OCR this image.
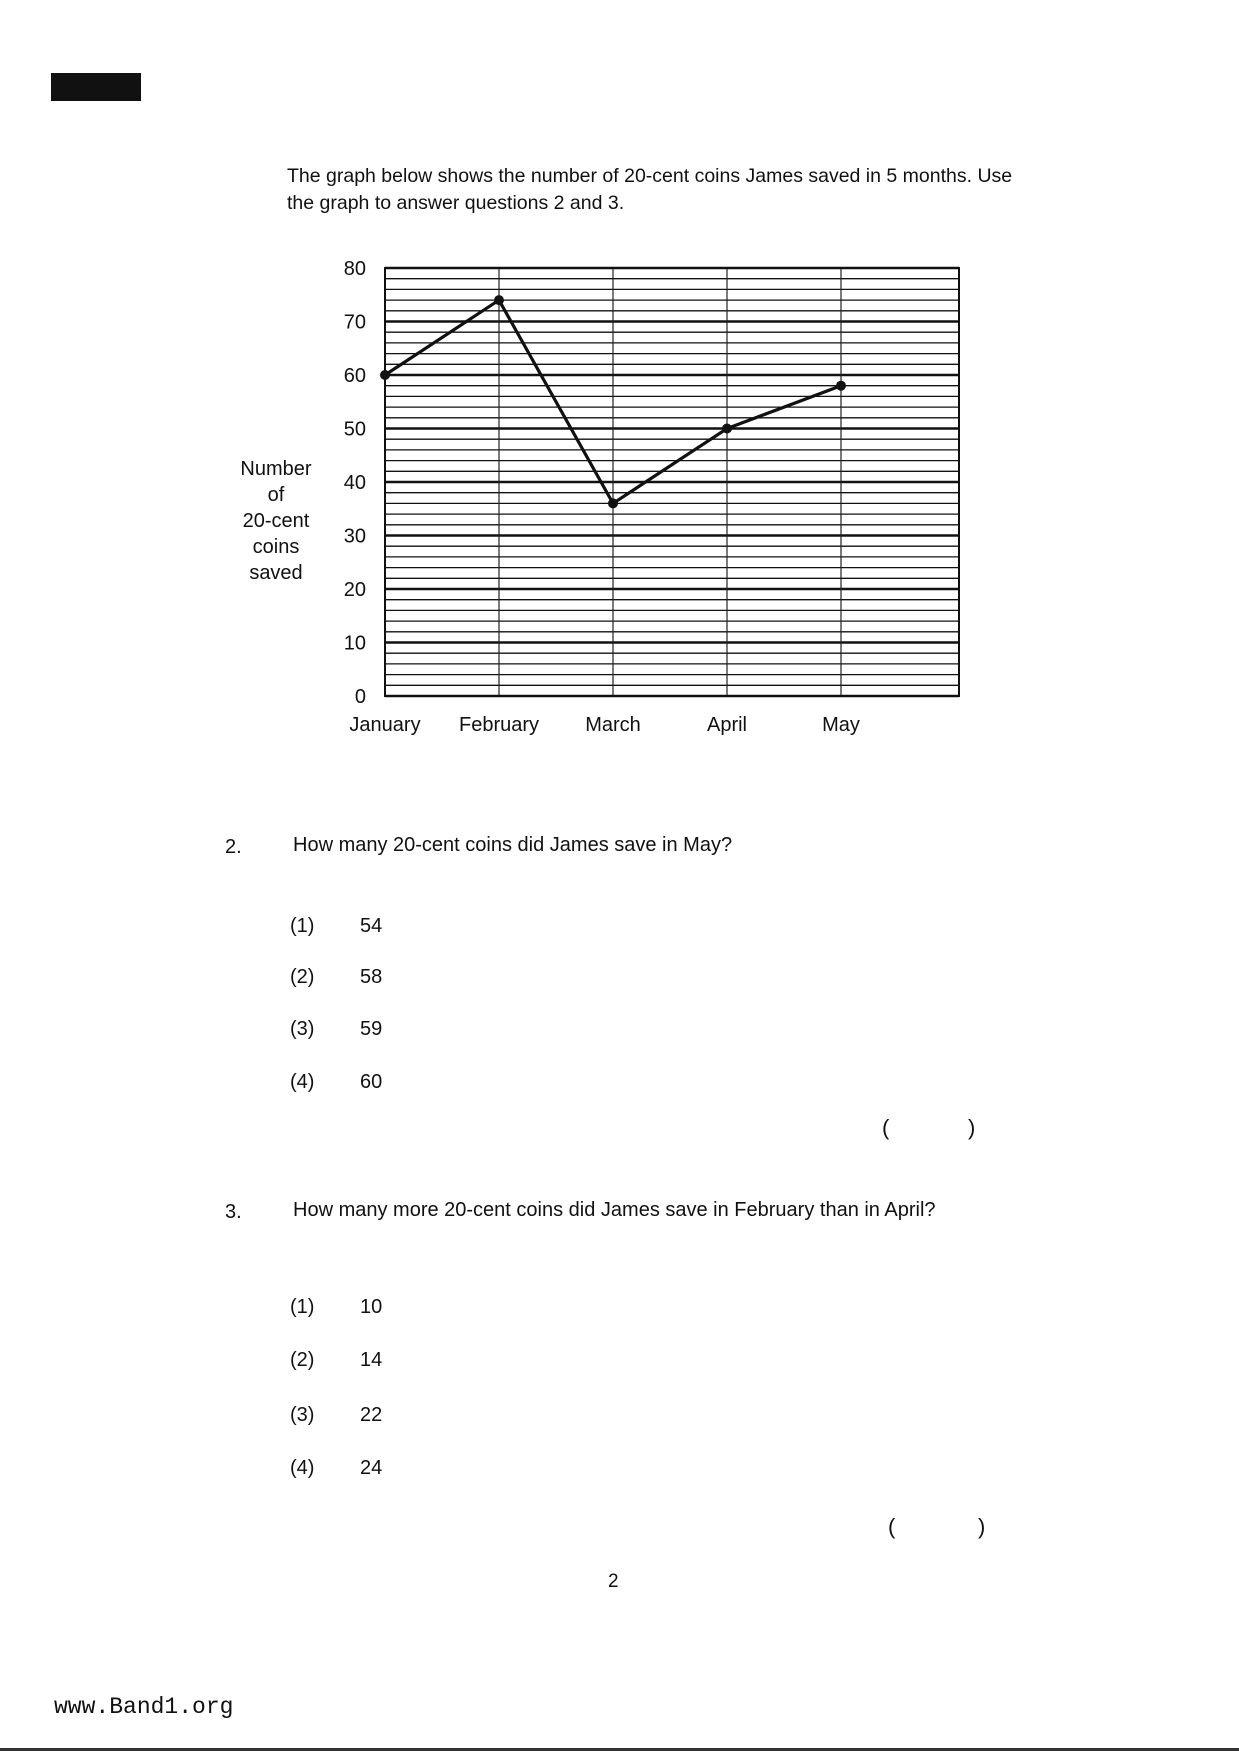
The graph below shows the number of 20-cent coins James saved in 5 months. Use the graph to answer questions 2 and 3.
Number
of
20-cent
coins
saved
0
10
20
30
40
50
60
70
80
January February March	April	May
2.	How many 20-cent coins did James save in May?
(1) 54
(2) 58
(3) 59
(4) 60
(	)
3.	How many more 20-cent coins did James save in February than in April?
(1) 10
(2) 14
(3) 22
(4) 24
(	)
2
www.Band1.org
